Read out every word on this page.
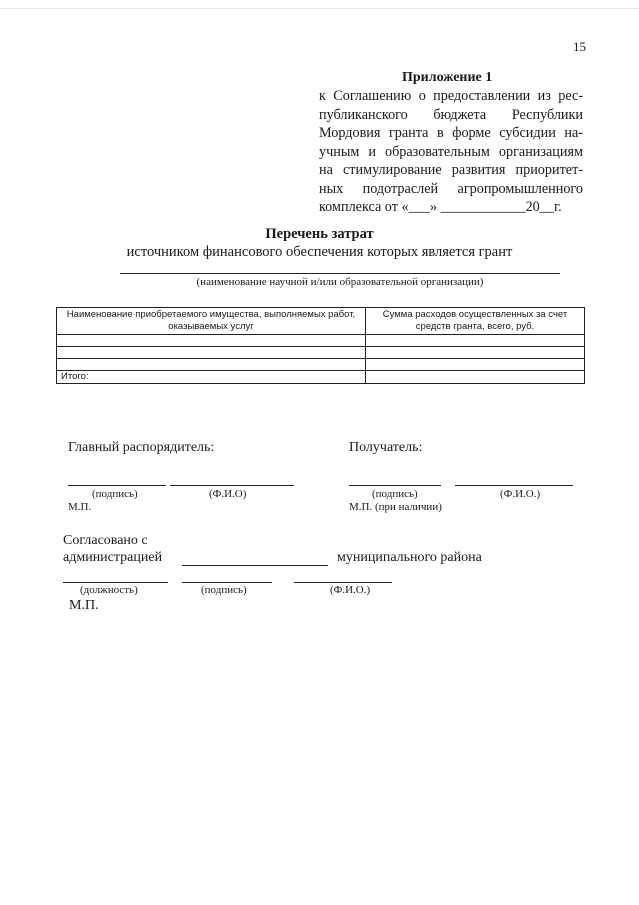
15
Приложение 1
к Соглашению о предоставлении из рес-
публиканского бюджета Республики
Мордовия гранта в форме субсидии на-
учным и образовательным организациям
на стимулирование развития приоритет-
ных подотраслей агропромышленного
комплекса от «___» ____________20__г.
Перечень затрат
источником финансового обеспечения которых является грант
(наименование научной и/или образовательной организации)
Наименование приобретаемого имущества, выполняемых работ, оказываемых услуг	Сумма расходов осуществленных за счет средств гранта, всего, руб.

Итого:	
Главный распорядитель:	Получатель:
(подпись)	(Ф.И.О)	(подпись)	(Ф.И.О.)
М.П.	М.П. (при наличии)
Согласовано с
администрацией	муниципального района
(должность)	(подпись)	(Ф.И.О.)
М.П.
